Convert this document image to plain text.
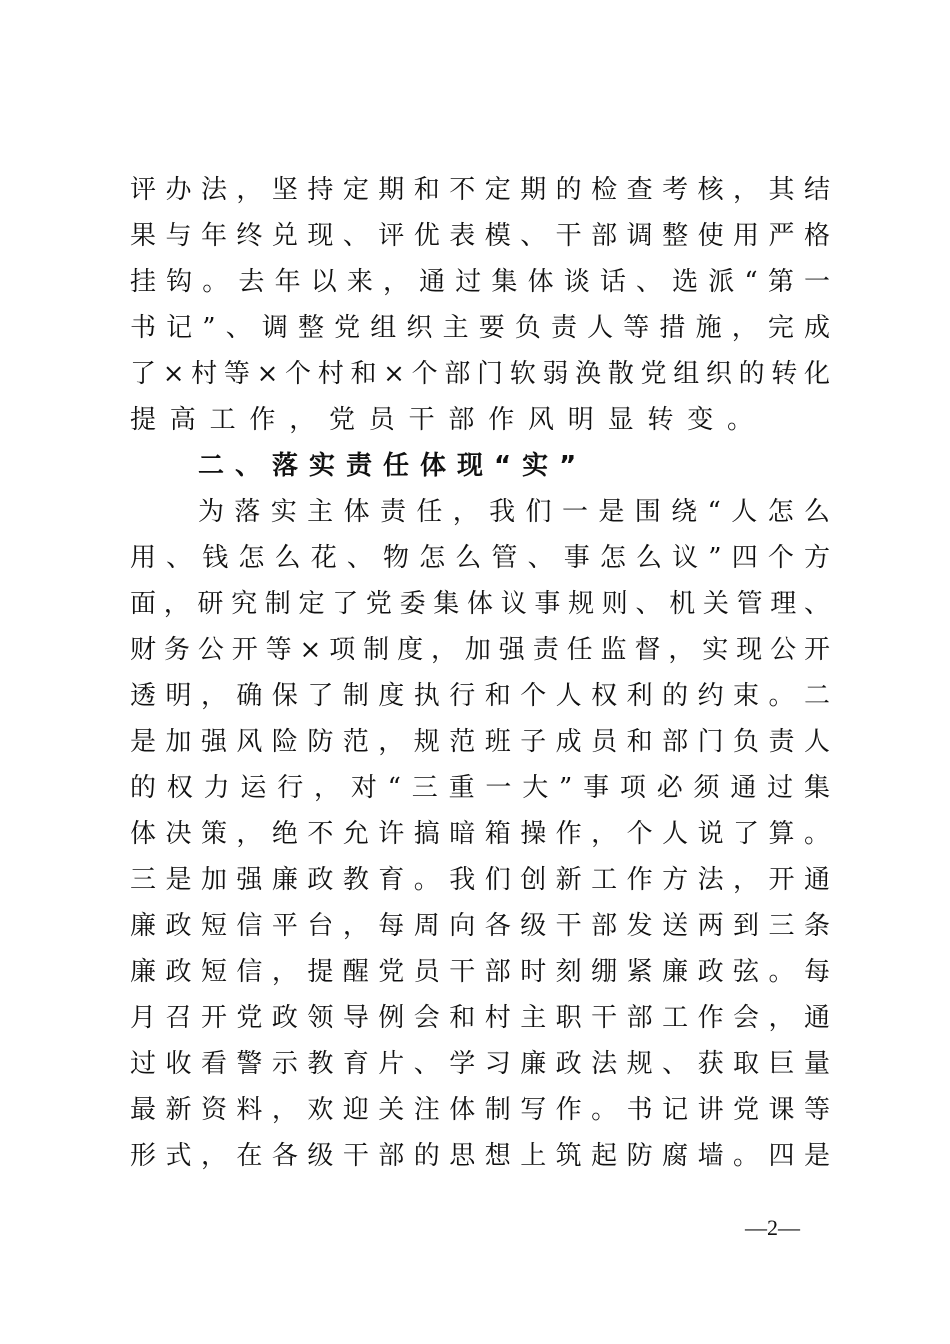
评办法，坚持定期和不定期的检查考核，其结
果与年终兑现、评优表模、干部调整使用严格
挂钩。去年以来，通过集体谈话、选派“第一
书记”、调整党组织主要负责人等措施，完成
了×村等×个村和×个部门软弱涣散党组织的转化
提高工作，党员干部作风明显转变。
二、落实责任体现“实”
为落实主体责任，我们一是围绕“人怎么
用、钱怎么花、物怎么管、事怎么议”四个方
面，研究制定了党委集体议事规则、机关管理、
财务公开等×项制度，加强责任监督，实现公开
透明，确保了制度执行和个人权利的约束。二
是加强风险防范，规范班子成员和部门负责人
的权力运行，对“三重一大”事项必须通过集
体决策，绝不允许搞暗箱操作，个人说了算。
三是加强廉政教育。我们创新工作方法，开通
廉政短信平台，每周向各级干部发送两到三条
廉政短信，提醒党员干部时刻绷紧廉政弦。每
月召开党政领导例会和村主职干部工作会，通
过收看警示教育片、学习廉政法规、获取巨量
最新资料，欢迎关注体制写作。书记讲党课等
形式，在各级干部的思想上筑起防腐墙。四是
—2—
